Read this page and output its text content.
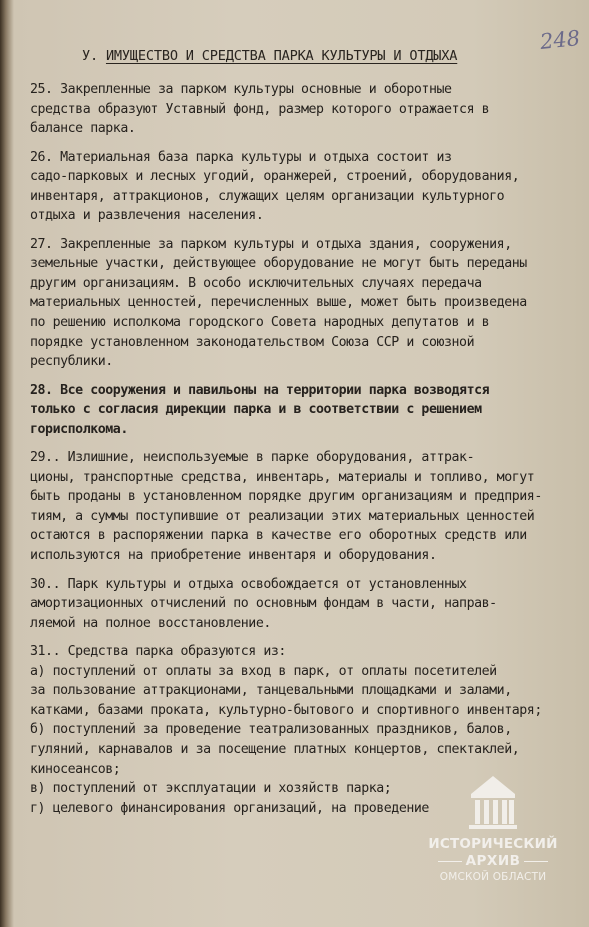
248
У. ИМУЩЕСТВО И СРЕДСТВА ПАРКА КУЛЬТУРЫ И ОТДЫХА
25. Закрепленные за парком культуры основные и оборотные
средства образуют Уставный фонд, размер которого отражается в
балансе парка.
26. Материальная база парка культуры и отдыха состоит из
садо-парковых и лесных угодий, оранжерей, строений, оборудования,
инвентаря, аттракционов, служащих целям организации культурного
отдыха и развлечения населения.
27. Закрепленные за парком культуры и отдыха здания, сооружения,
земельные участки, действующее оборудование не могут быть переданы
другим организациям. В особо исключительных случаях передача
материальных ценностей, перечисленных выше, может быть произведена
по решению исполкома городского Совета народных депутатов и в
порядке установленном законодательством Союза ССР и союзной
республики.
28. Все сооружения и павильоны на территории парка возводятся
только с согласия дирекции парка и в соответствии с решением
горисполкома.
29.. Излишние, неиспользуемые в парке оборудования, аттрак-
ционы, транспортные средства, инвентарь, материалы и топливо, могут
быть проданы в установленном порядке другим организациям и предприя-
тиям, а суммы поступившие от реализации этих материальных ценностей
остаются в распоряжении парка в качестве его оборотных средств или
используются на приобретение инвентаря и оборудования.
30.. Парк культуры и отдыха освобождается от установленных
амортизационных отчислений по основным фондам в части, направ-
ляемой на полное восстановление.
31.. Средства парка образуются из:
а) поступлений от оплаты за вход в парк, от оплаты посетителей
за пользование аттракционами, танцевальными площадками и залами,
катками, базами проката, культурно-бытового и спортивного инвентаря;
б) поступлений за проведение театрализованных праздников, балов,
гуляний, карнавалов и за посещение платных концертов, спектаклей,
киносеансов;
в) поступлений от эксплуатации и хозяйств парка;
г) целевого финансирования организаций, на проведение
ИСТОРИЧЕСКИЙ
АРХИВ
ОМСКОЙ ОБЛАСТИ
